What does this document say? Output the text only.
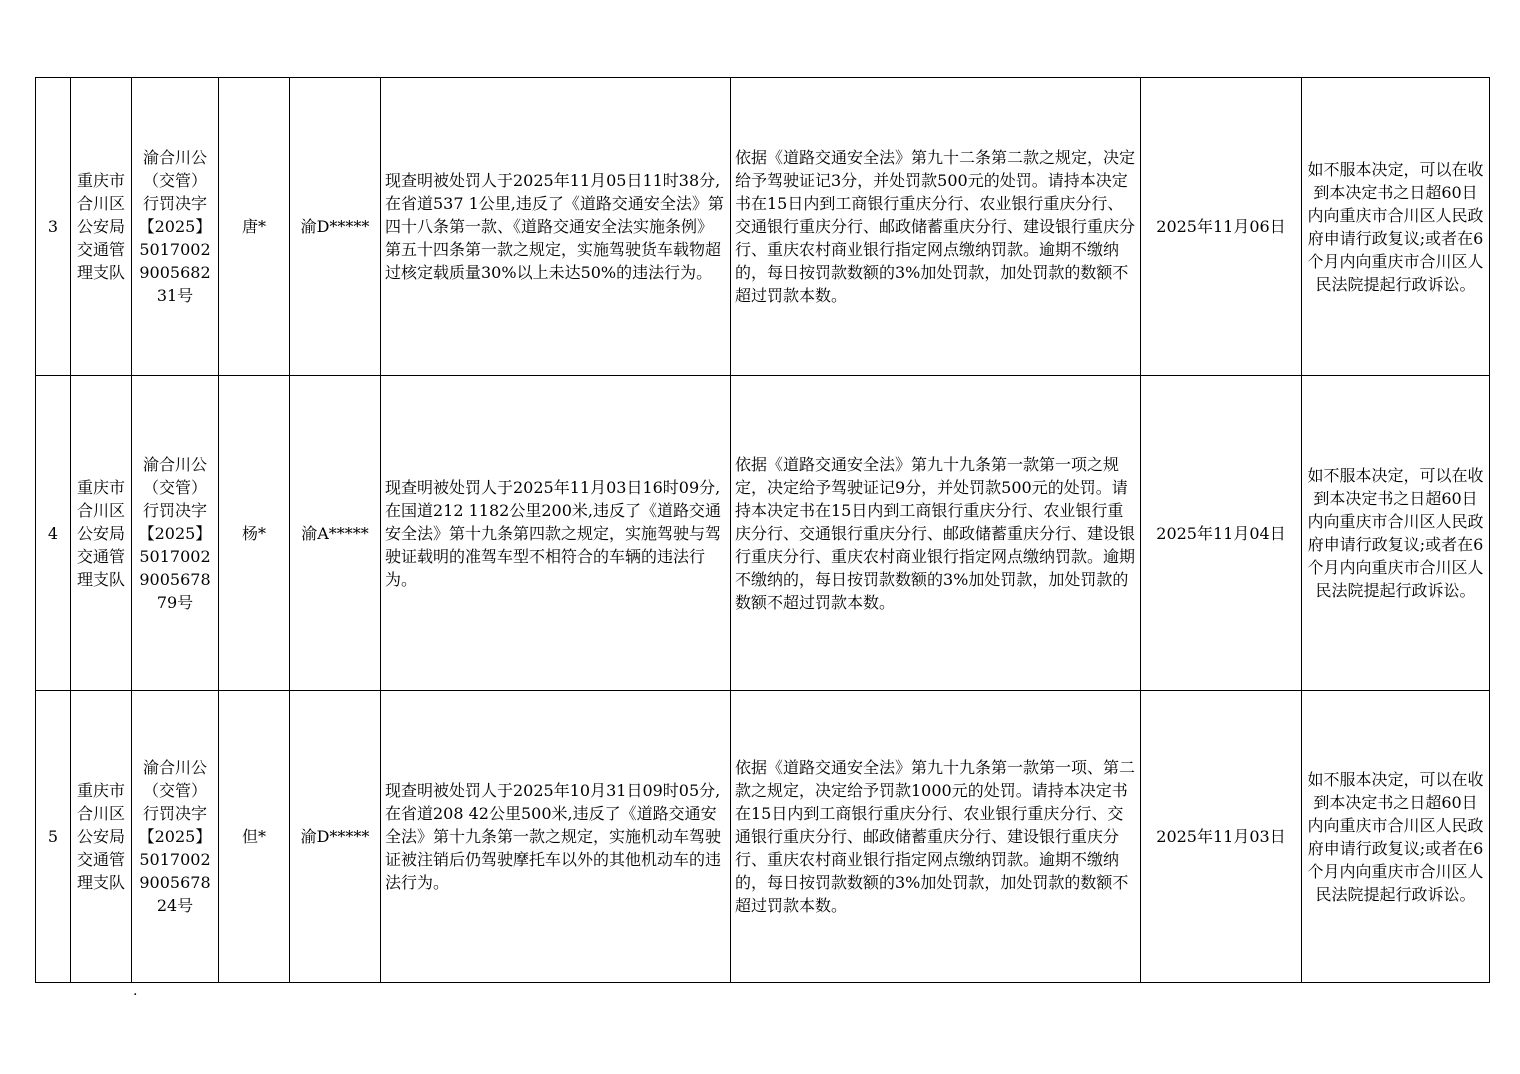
3	重庆市合川区公安局交通管理支队	渝合川公（交管）行罚决字【2025】5017002900568231号	唐*	渝D*****	现查明被处罚人于2025年11月05日11时38分,在省道537 1公里,违反了《道路交通安全法》第四十八条第一款、《道路交通安全法实施条例》第五十四条第一款之规定，实施驾驶货车载物超过核定载质量30%以上未达50%的违法行为。	依据《道路交通安全法》第九十二条第二款之规定，决定给予驾驶证记3分，并处罚款500元的处罚。请持本决定书在15日内到工商银行重庆分行、农业银行重庆分行、交通银行重庆分行、邮政储蓄重庆分行、建设银行重庆分行、重庆农村商业银行指定网点缴纳罚款。逾期不缴纳的，每日按罚款数额的3%加处罚款，加处罚款的数额不超过罚款本数。	2025年11月06日	如不服本决定，可以在收到本决定书之日超60日内向重庆市合川区人民政府申请行政复议;或者在6个月内向重庆市合川区人民法院提起行政诉讼。
4	重庆市合川区公安局交通管理支队	渝合川公（交管）行罚决字【2025】5017002900567879号	杨*	渝A*****	现查明被处罚人于2025年11月03日16时09分,在国道212 1182公里200米,违反了《道路交通安全法》第十九条第四款之规定，实施驾驶与驾驶证载明的准驾车型不相符合的车辆的违法行为。	依据《道路交通安全法》第九十九条第一款第一项之规定，决定给予驾驶证记9分，并处罚款500元的处罚。请持本决定书在15日内到工商银行重庆分行、农业银行重庆分行、交通银行重庆分行、邮政储蓄重庆分行、建设银行重庆分行、重庆农村商业银行指定网点缴纳罚款。逾期不缴纳的，每日按罚款数额的3%加处罚款，加处罚款的数额不超过罚款本数。	2025年11月04日	如不服本决定，可以在收到本决定书之日超60日内向重庆市合川区人民政府申请行政复议;或者在6个月内向重庆市合川区人民法院提起行政诉讼。
5	重庆市合川区公安局交通管理支队	渝合川公（交管）行罚决字【2025】5017002900567824号	但*	渝D*****	现查明被处罚人于2025年10月31日09时05分,在省道208 42公里500米,违反了《道路交通安全法》第十九条第一款之规定，实施机动车驾驶证被注销后仍驾驶摩托车以外的其他机动车的违法行为。	依据《道路交通安全法》第九十九条第一款第一项、第二款之规定，决定给予罚款1000元的处罚。请持本决定书在15日内到工商银行重庆分行、农业银行重庆分行、交通银行重庆分行、邮政储蓄重庆分行、建设银行重庆分行、重庆农村商业银行指定网点缴纳罚款。逾期不缴纳的，每日按罚款数额的3%加处罚款，加处罚款的数额不超过罚款本数。	2025年11月03日	如不服本决定，可以在收到本决定书之日超60日内向重庆市合川区人民政府申请行政复议;或者在6个月内向重庆市合川区人民法院提起行政诉讼。
.
